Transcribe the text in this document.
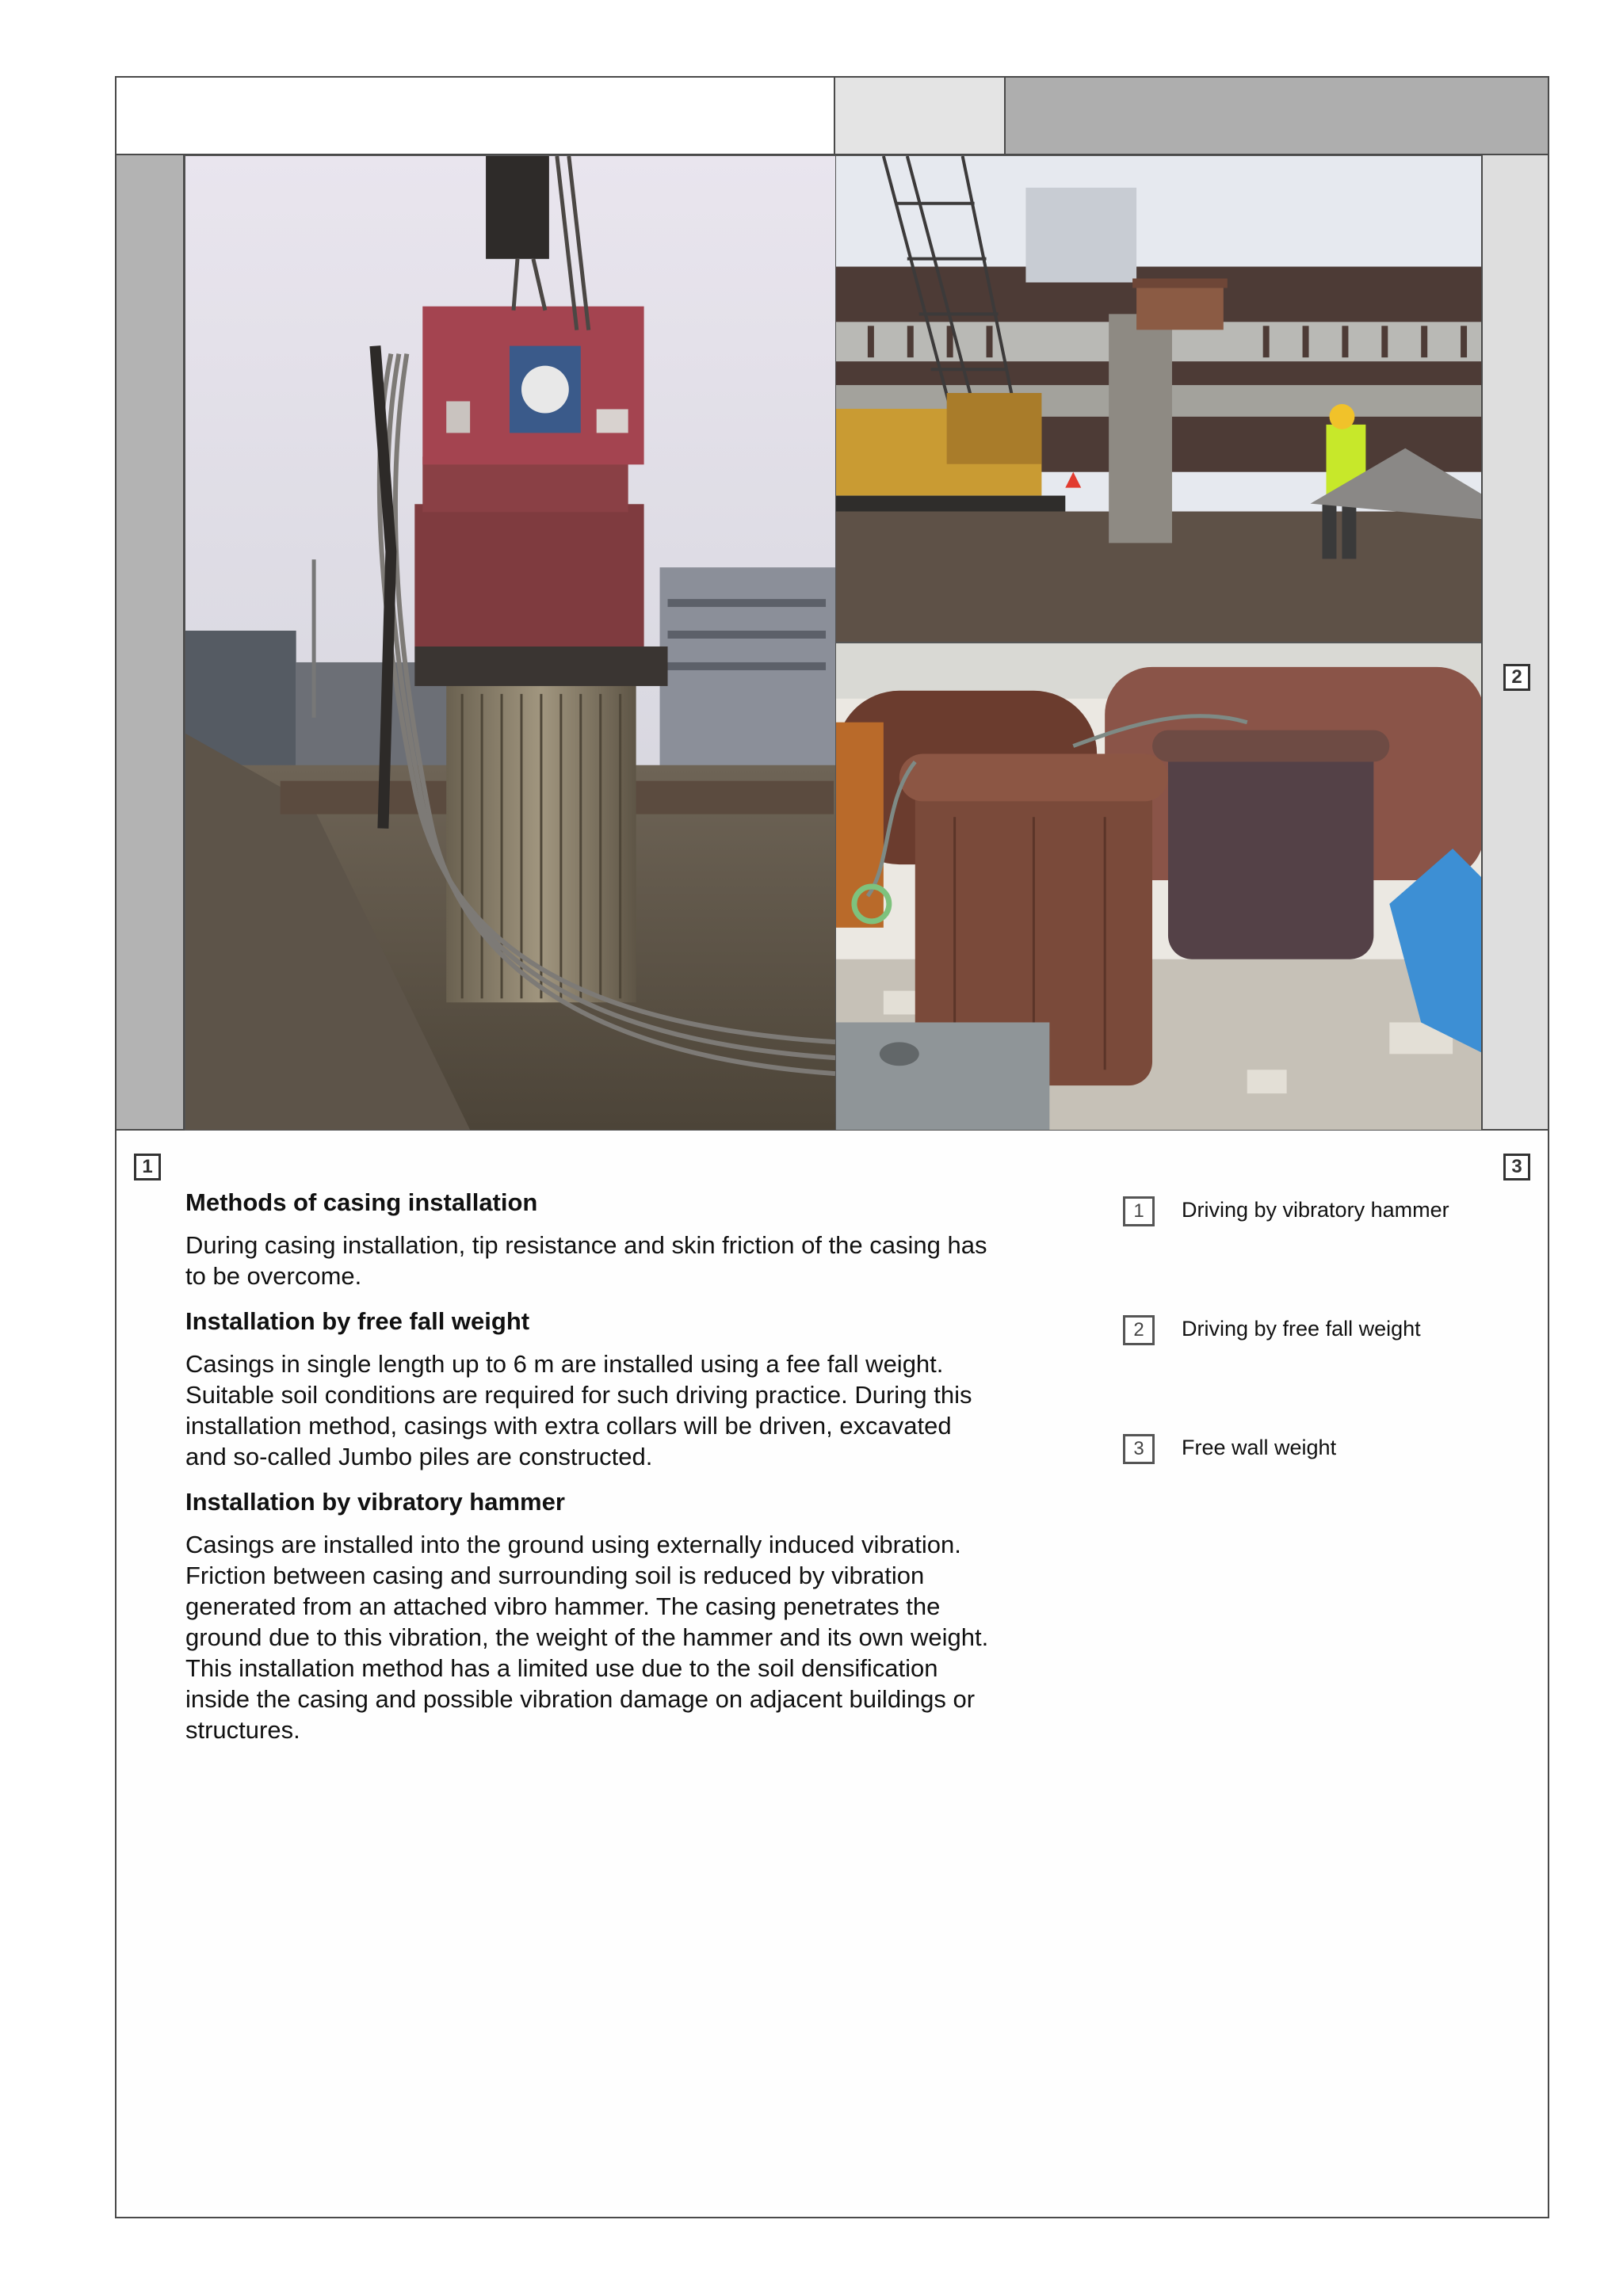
1
2
3
Methods of casing installation

During casing installation, tip resistance and skin friction of the casing has to be overcome.

Installation by free fall weight

Casings in single length up to 6 m are installed using a fee fall weight. Suitable soil conditions are required for such driving practice. During this installation method, casings with extra collars will be driven, excavated and so-called Jumbo piles are constructed.

Installation by vibratory hammer

Casings are installed into the ground using externally induced vibration. Friction between casing and surrounding soil is reduced by vibration generated from an attached vibro hammer. The casing penetrates the ground due to this vibration, the weight of the hammer and its own weight. This installation method has a limited use due to the soil densification inside the casing and possible vibration damage on adjacent buildings or structures.

1	Driving by vibratory hammer
2	Driving by free fall weight
3	Free wall weight
